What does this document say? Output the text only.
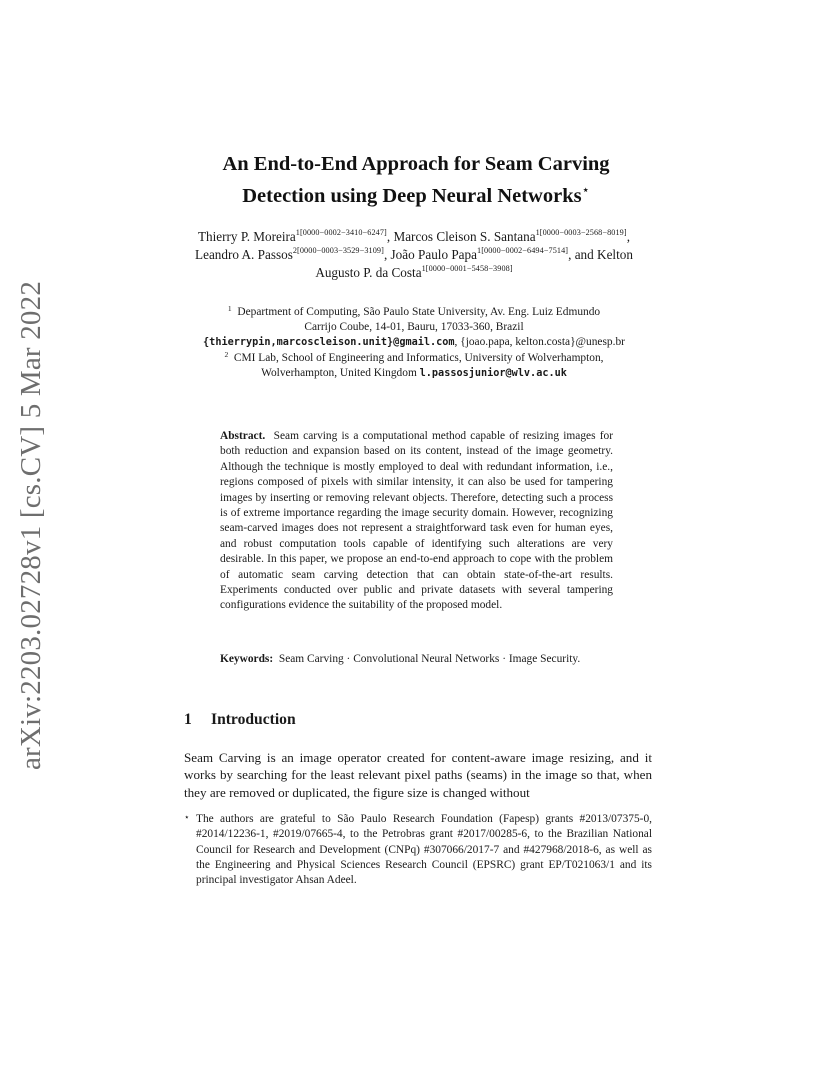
arXiv:2203.02728v1 [cs.CV] 5 Mar 2022
An End-to-End Approach for Seam Carving
Detection using Deep Neural Networks⋆
Thierry P. Moreira$^{1[0000-0002-3410-6247]}$, Marcos Cleison S. Santana$^{1[0000-0003-2568-8019]}$, Leandro A. Passos$^{2[0000-0003-3529-3109]}$, João Paulo Papa$^{1[0000-0002-6494-7514]}$, and Kelton Augusto P. da Costa$^{1[0000-0001-5458-3908]}$
$^1$ Department of Computing, São Paulo State University, Av. Eng. Luiz Edmundo
Carrijo Coube, 14-01, Bauru, 17033-360, Brazil
{thierrypin,marcoscleison.unit}@gmail.com, {joao.papa, kelton.costa}@unesp.br
$^2$ CMI Lab, School of Engineering and Informatics, University of Wolverhampton,
Wolverhampton, United Kingdom l.passosjunior@wlv.ac.uk
Abstract. Seam carving is a computational method capable of resizing images for both reduction and expansion based on its content, instead of the image geometry. Although the technique is mostly employed to deal with redundant information, i.e., regions composed of pixels with similar intensity, it can also be used for tampering images by inserting or removing relevant objects. Therefore, detecting such a process is of extreme importance regarding the image security domain. However, recognizing seam-carved images does not represent a straightforward task even for human eyes, and robust computation tools capable of identifying such alterations are very desirable. In this paper, we propose an end-to-end approach to cope with the problem of automatic seam carving detection that can obtain state-of-the-art results. Experiments conducted over public and private datasets with several tampering configurations evidence the suitability of the proposed model.
Keywords: Seam Carving · Convolutional Neural Networks · Image Security.
1 Introduction
Seam Carving is an image operator created for content-aware image resizing, and it works by searching for the least relevant pixel paths (seams) in the image so that, when they are removed or duplicated, the figure size is changed without
⋆ The authors are grateful to São Paulo Research Foundation (Fapesp) grants #2013/07375-0, #2014/12236-1, #2019/07665-4, to the Petrobras grant #2017/00285-6, to the Brazilian National Council for Research and Development (CNPq) #307066/2017-7 and #427968/2018-6, as well as the Engineering and Physical Sciences Research Council (EPSRC) grant EP/T021063/1 and its principal investigator Ahsan Adeel.
